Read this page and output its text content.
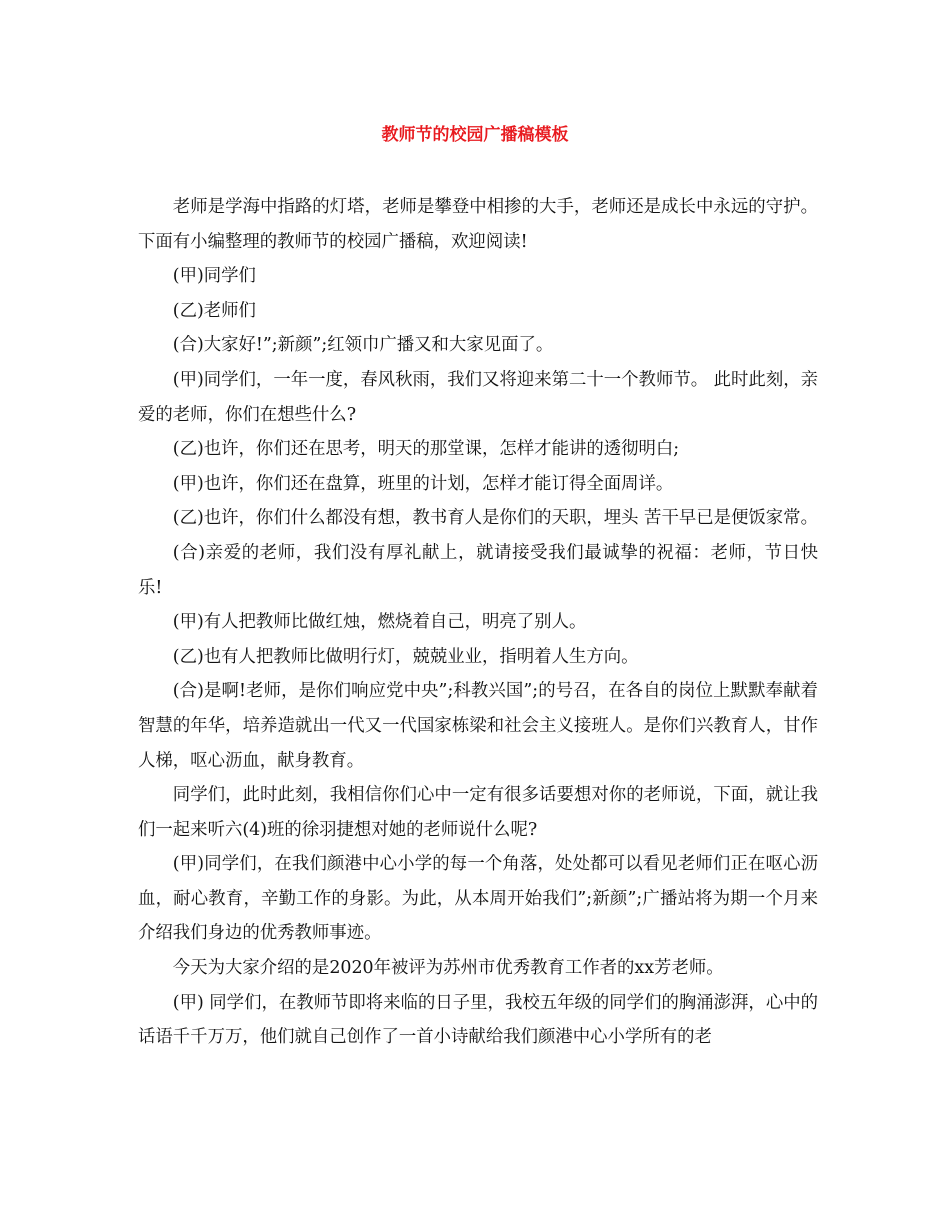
教师节的校园广播稿模板

老师是学海中指路的灯塔，老师是攀登中相掺的大手，老师还是成长中永远的守护。下面有小编整理的教师节的校园广播稿，欢迎阅读!

(甲)同学们

(乙)老师们

(合)大家好!”;新颜”;红领巾广播又和大家见面了。

(甲)同学们，一年一度，春风秋雨，我们又将迎来第二十一个教师节。 此时此刻，亲爱的老师，你们在想些什么?

(乙)也许，你们还在思考，明天的那堂课，怎样才能讲的透彻明白;

(甲)也许，你们还在盘算，班里的计划，怎样才能订得全面周详。

(乙)也许，你们什么都没有想，教书育人是你们的天职，埋头 苦干早已是便饭家常。

(合)亲爱的老师，我们没有厚礼献上，就请接受我们最诚挚的祝福：老师，节日快乐!

(甲)有人把教师比做红烛，燃烧着自己，明亮了别人。

(乙)也有人把教师比做明行灯，兢兢业业，指明着人生方向。

(合)是啊!老师，是你们响应党中央”;科教兴国”;的号召，在各自的岗位上默默奉献着智慧的年华，培养造就出一代又一代国家栋梁和社会主义接班人。是你们兴教育人，甘作人梯，呕心沥血，献身教育。

同学们，此时此刻，我相信你们心中一定有很多话要想对你的老师说，下面，就让我们一起来听六(4)班的徐羽捷想对她的老师说什么呢?

(甲)同学们，在我们颜港中心小学的每一个角落，处处都可以看见老师们正在呕心沥血，耐心教育，辛勤工作的身影。为此，从本周开始我们”;新颜”;广播站将为期一个月来介绍我们身边的优秀教师事迹。

今天为大家介绍的是2020年被评为苏州市优秀教育工作者的xx芳老师。

(甲) 同学们，在教师节即将来临的日子里，我校五年级的同学们的胸涌澎湃，心中的话语千千万万，他们就自己创作了一首小诗献给我们颜港中心小学所有的老
